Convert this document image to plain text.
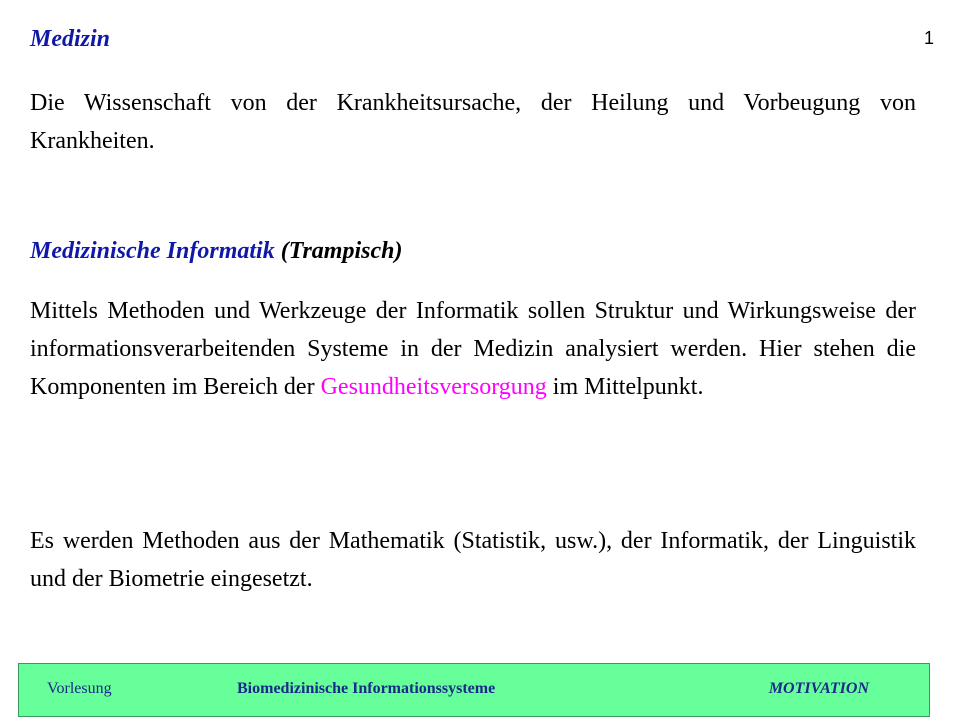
1
Medizin
Die Wissenschaft von der Krankheitsursache, der Heilung und Vorbeugung von Krankheiten.
Medizinische Informatik (Trampisch)
Mittels Methoden und Werkzeuge der Informatik sollen Struktur und Wirkungsweise der informationsverarbeitenden Systeme in der Medizin analysiert werden. Hier stehen die Komponenten im Bereich der Gesundheitsversorgung im Mittelpunkt.
Es werden Methoden aus der Mathematik (Statistik, usw.), der Informatik, der Linguistik und der Biometrie eingesetzt.
Vorlesung	Biomedizinische Informationssysteme	MOTIVATION
